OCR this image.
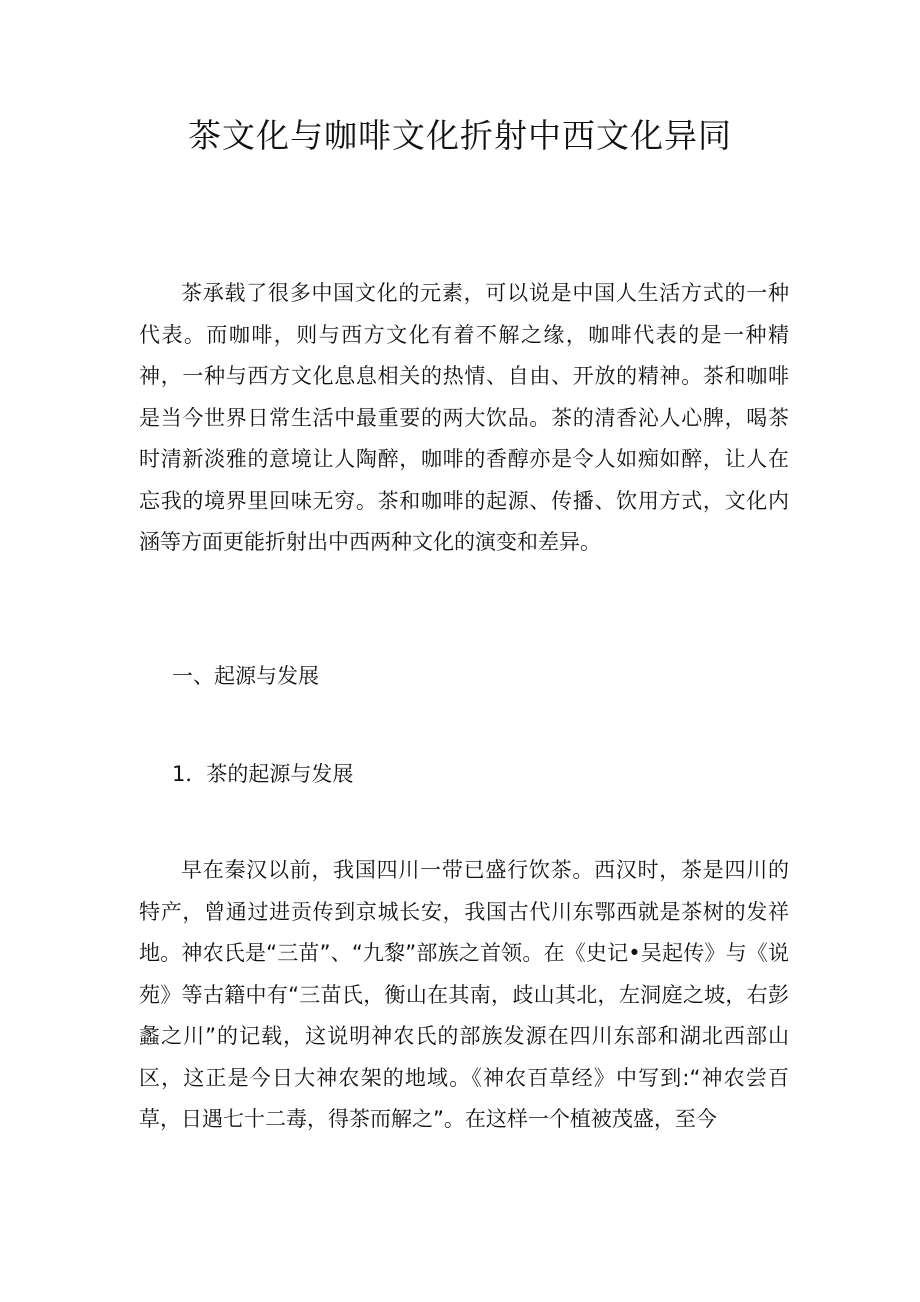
茶文化与咖啡文化折射中西文化异同

茶承载了很多中国文化的元素，可以说是中国人生活方式的一种代表。而咖啡，则与西方文化有着不解之缘，咖啡代表的是一种精神，一种与西方文化息息相关的热情、自由、开放的精神。茶和咖啡是当今世界日常生活中最重要的两大饮品。茶的清香沁人心脾，喝茶时清新淡雅的意境让人陶醉，咖啡的香醇亦是令人如痴如醉，让人在忘我的境界里回味无穷。茶和咖啡的起源、传播、饮用方式，文化内涵等方面更能折射出中西两种文化的演变和差异。

一、起源与发展
1．茶的起源与发展

早在秦汉以前，我国四川一带已盛行饮茶。西汉时，茶是四川的特产，曾通过进贡传到京城长安，我国古代川东鄂西就是茶树的发祥地。神农氏是“三苗”、“九黎”部族之首领。在《史记•吴起传》与《说苑》等古籍中有“三苗氏，衡山在其南，歧山其北，左洞庭之坡，右彭蠡之川”的记载，这说明神农氏的部族发源在四川东部和湖北西部山区，这正是今日大神农架的地域。《神农百草经》中写到:“神农尝百草，日遇七十二毒，得茶而解之”。在这样一个植被茂盛，至今
